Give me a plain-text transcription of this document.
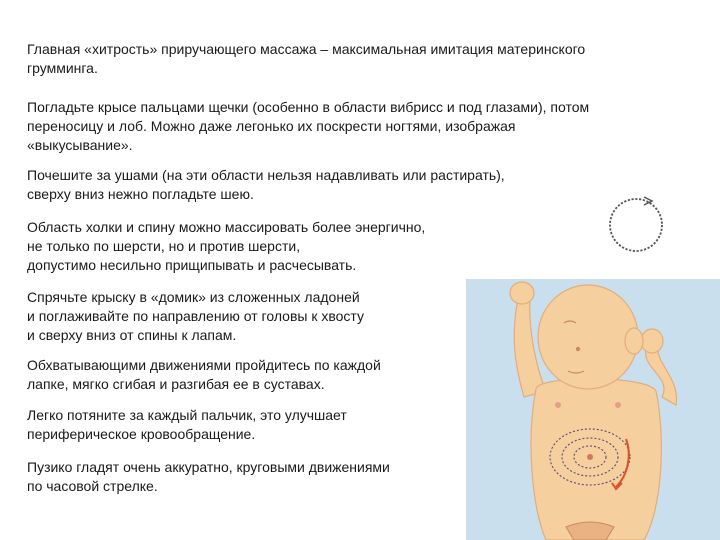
Главная «хитрость» приручающего массажа – максимальная имитация материнского
грумминга.

Погладьте крысе пальцами щечки (особенно в области вибрисс и под глазами), потом
переносицу и лоб. Можно даже легонько их поскрести ногтями, изображая
«выкусывание».

Почешите за ушами (на эти области нельзя надавливать или растирать),
сверху вниз нежно погладьте шею.

Область холки и спину можно массировать более энергично,
не только по шерсти, но и против шерсти,
допустимо несильно прищипывать и расчесывать.

Спрячьте крыску в «домик» из сложенных ладоней
и поглаживайте по направлению от головы к хвосту
и сверху вниз от спины к лапам.

Обхватывающими движениями пройдитесь по каждой
лапке, мягко сгибая и разгибая ее в суставах.

Легко потяните за каждый пальчик, это улучшает
периферическое кровообращение.

Пузико гладят очень аккуратно, круговыми движениями
по часовой стрелке.
